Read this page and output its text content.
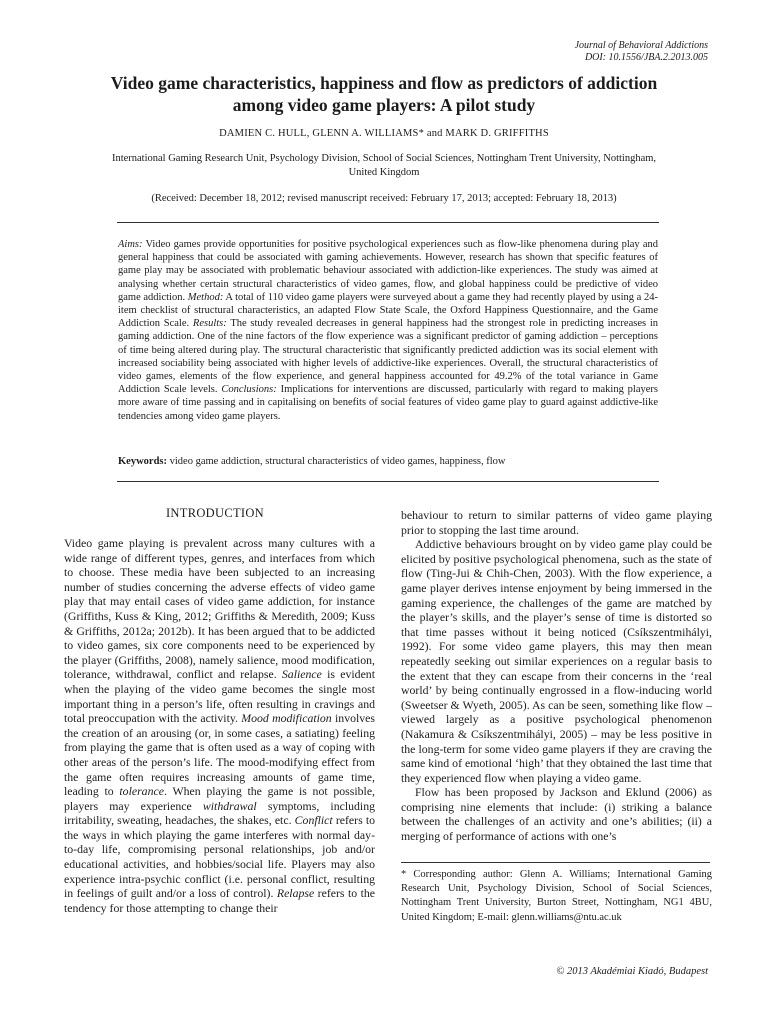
Journal of Behavioral Addictions
DOI: 10.1556/JBA.2.2013.005
Video game characteristics, happiness and flow as predictors of addiction
among video game players: A pilot study
DAMIEN C. HULL, GLENN A. WILLIAMS* and MARK D. GRIFFITHS
International Gaming Research Unit, Psychology Division, School of Social Sciences, Nottingham Trent University, Nottingham, United Kingdom
(Received: December 18, 2012; revised manuscript received: February 17, 2013; accepted: February 18, 2013)
Aims: Video games provide opportunities for positive psychological experiences such as flow-like phenomena during play and general happiness that could be associated with gaming achievements. However, research has shown that specific features of game play may be associated with problematic behaviour associated with addiction-like experiences. The study was aimed at analysing whether certain structural characteristics of video games, flow, and global happiness could be predictive of video game addiction. Method: A total of 110 video game players were surveyed about a game they had recently played by using a 24-item checklist of structural characteristics, an adapted Flow State Scale, the Oxford Happiness Questionnaire, and the Game Addiction Scale. Results: The study revealed decreases in general happiness had the strongest role in predicting increases in gaming addiction. One of the nine factors of the flow experience was a significant predictor of gaming addiction – perceptions of time being altered during play. The structural characteristic that significantly predicted addiction was its social element with increased sociability being associated with higher levels of addictive-like experiences. Overall, the structural characteristics of video games, elements of the flow experience, and general happiness accounted for 49.2% of the total variance in Game Addiction Scale levels. Conclusions: Implications for interventions are discussed, particularly with regard to making players more aware of time passing and in capitalising on benefits of social features of video game play to guard against addictive-like tendencies among video game players.
Keywords: video game addiction, structural characteristics of video games, happiness, flow
INTRODUCTION

Video game playing is prevalent across many cultures with a wide range of different types, genres, and interfaces from which to choose. These media have been subjected to an increasing number of studies concerning the adverse effects of video game play that may entail cases of video game addiction, for instance (Griffiths, Kuss & King, 2012; Griffiths & Meredith, 2009; Kuss & Griffiths, 2012a; 2012b). It has been argued that to be addicted to video games, six core components need to be experienced by the player (Griffiths, 2008), namely salience, mood modification, tolerance, withdrawal, conflict and relapse. Salience is evident when the playing of the video game becomes the single most important thing in a person’s life, often resulting in cravings and total preoccupation with the activity. Mood modification involves the creation of an arousing (or, in some cases, a satiating) feeling from playing the game that is often used as a way of coping with other areas of the person’s life. The mood-modifying effect from the game often requires increasing amounts of game time, leading to tolerance. When playing the game is not possible, players may experience withdrawal symptoms, including irritability, sweating, headaches, the shakes, etc. Conflict refers to the ways in which playing the game interferes with normal day-to-day life, compromising personal relationships, job and/or educational activities, and hobbies/social life. Players may also experience intra-psychic conflict (i.e. personal conflict, resulting in feelings of guilt and/or a loss of control). Relapse refers to the tendency for those attempting to change their

behaviour to return to similar patterns of video game playing prior to stopping the last time around.

Addictive behaviours brought on by video game play could be elicited by positive psychological phenomena, such as the state of flow (Ting-Jui & Chih-Chen, 2003). With the flow experience, a game player derives intense enjoyment by being immersed in the gaming experience, the challenges of the game are matched by the player’s skills, and the player’s sense of time is distorted so that time passes without it being noticed (Csíkszentmihályi, 1992). For some video game players, this may then mean repeatedly seeking out similar experiences on a regular basis to the extent that they can escape from their concerns in the ‘real world’ by being continually engrossed in a flow-inducing world (Sweetser & Wyeth, 2005). As can be seen, something like flow – viewed largely as a positive psychological phenomenon (Nakamura & Csíkszentmihályi, 2005) – may be less positive in the long-term for some video game players if they are craving the same kind of emotional ‘high’ that they obtained the last time that they experienced flow when playing a video game.

Flow has been proposed by Jackson and Eklund (2006) as comprising nine elements that include: (i) striking a balance between the challenges of an activity and one’s abilities; (ii) a merging of performance of actions with one’s

* Corresponding author: Glenn A. Williams; International Gaming Research Unit, Psychology Division, School of Social Sciences, Nottingham Trent University, Burton Street, Nottingham, NG1 4BU, United Kingdom; E-mail: glenn.williams@ntu.ac.uk
© 2013 Akadémiai Kiadó, Budapest
